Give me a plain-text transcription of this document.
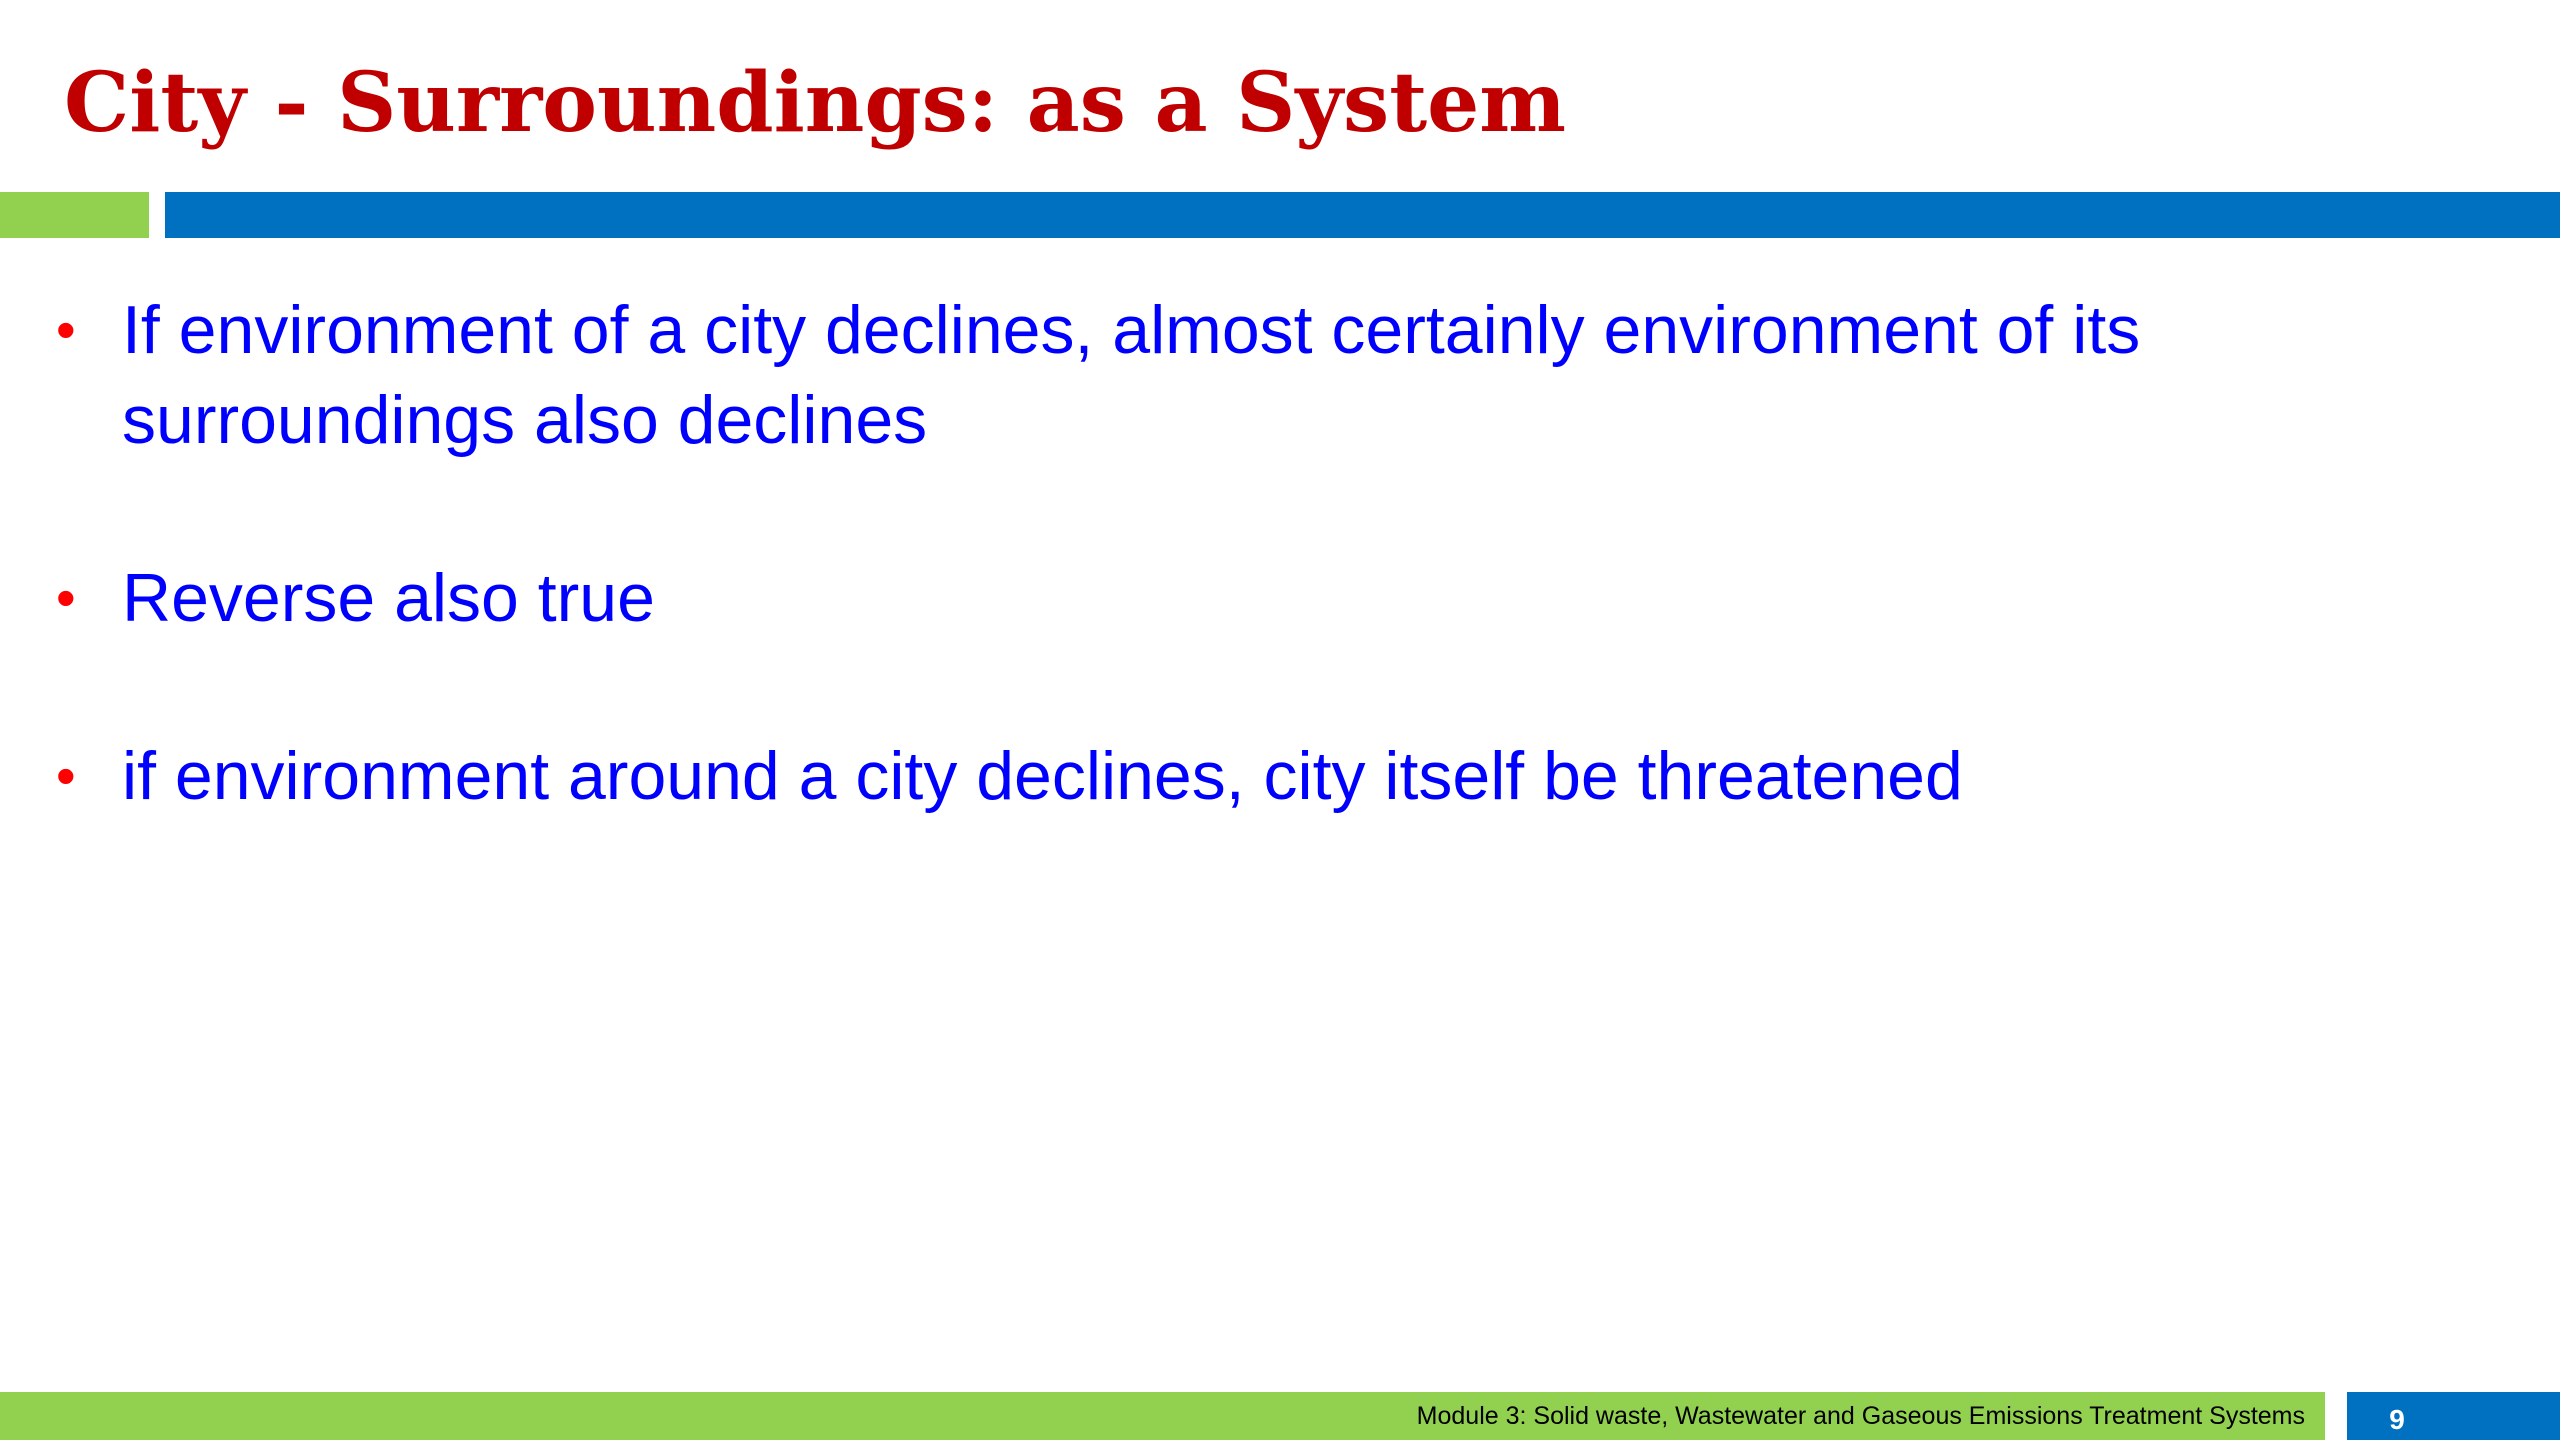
City - Surroundings: as a System
• If environment of a city declines, almost certainly environment of its surroundings also declines
• Reverse also true
• if environment around a city declines, city itself be threatened
Module 3: Solid waste, Wastewater and Gaseous Emissions Treatment Systems	9
